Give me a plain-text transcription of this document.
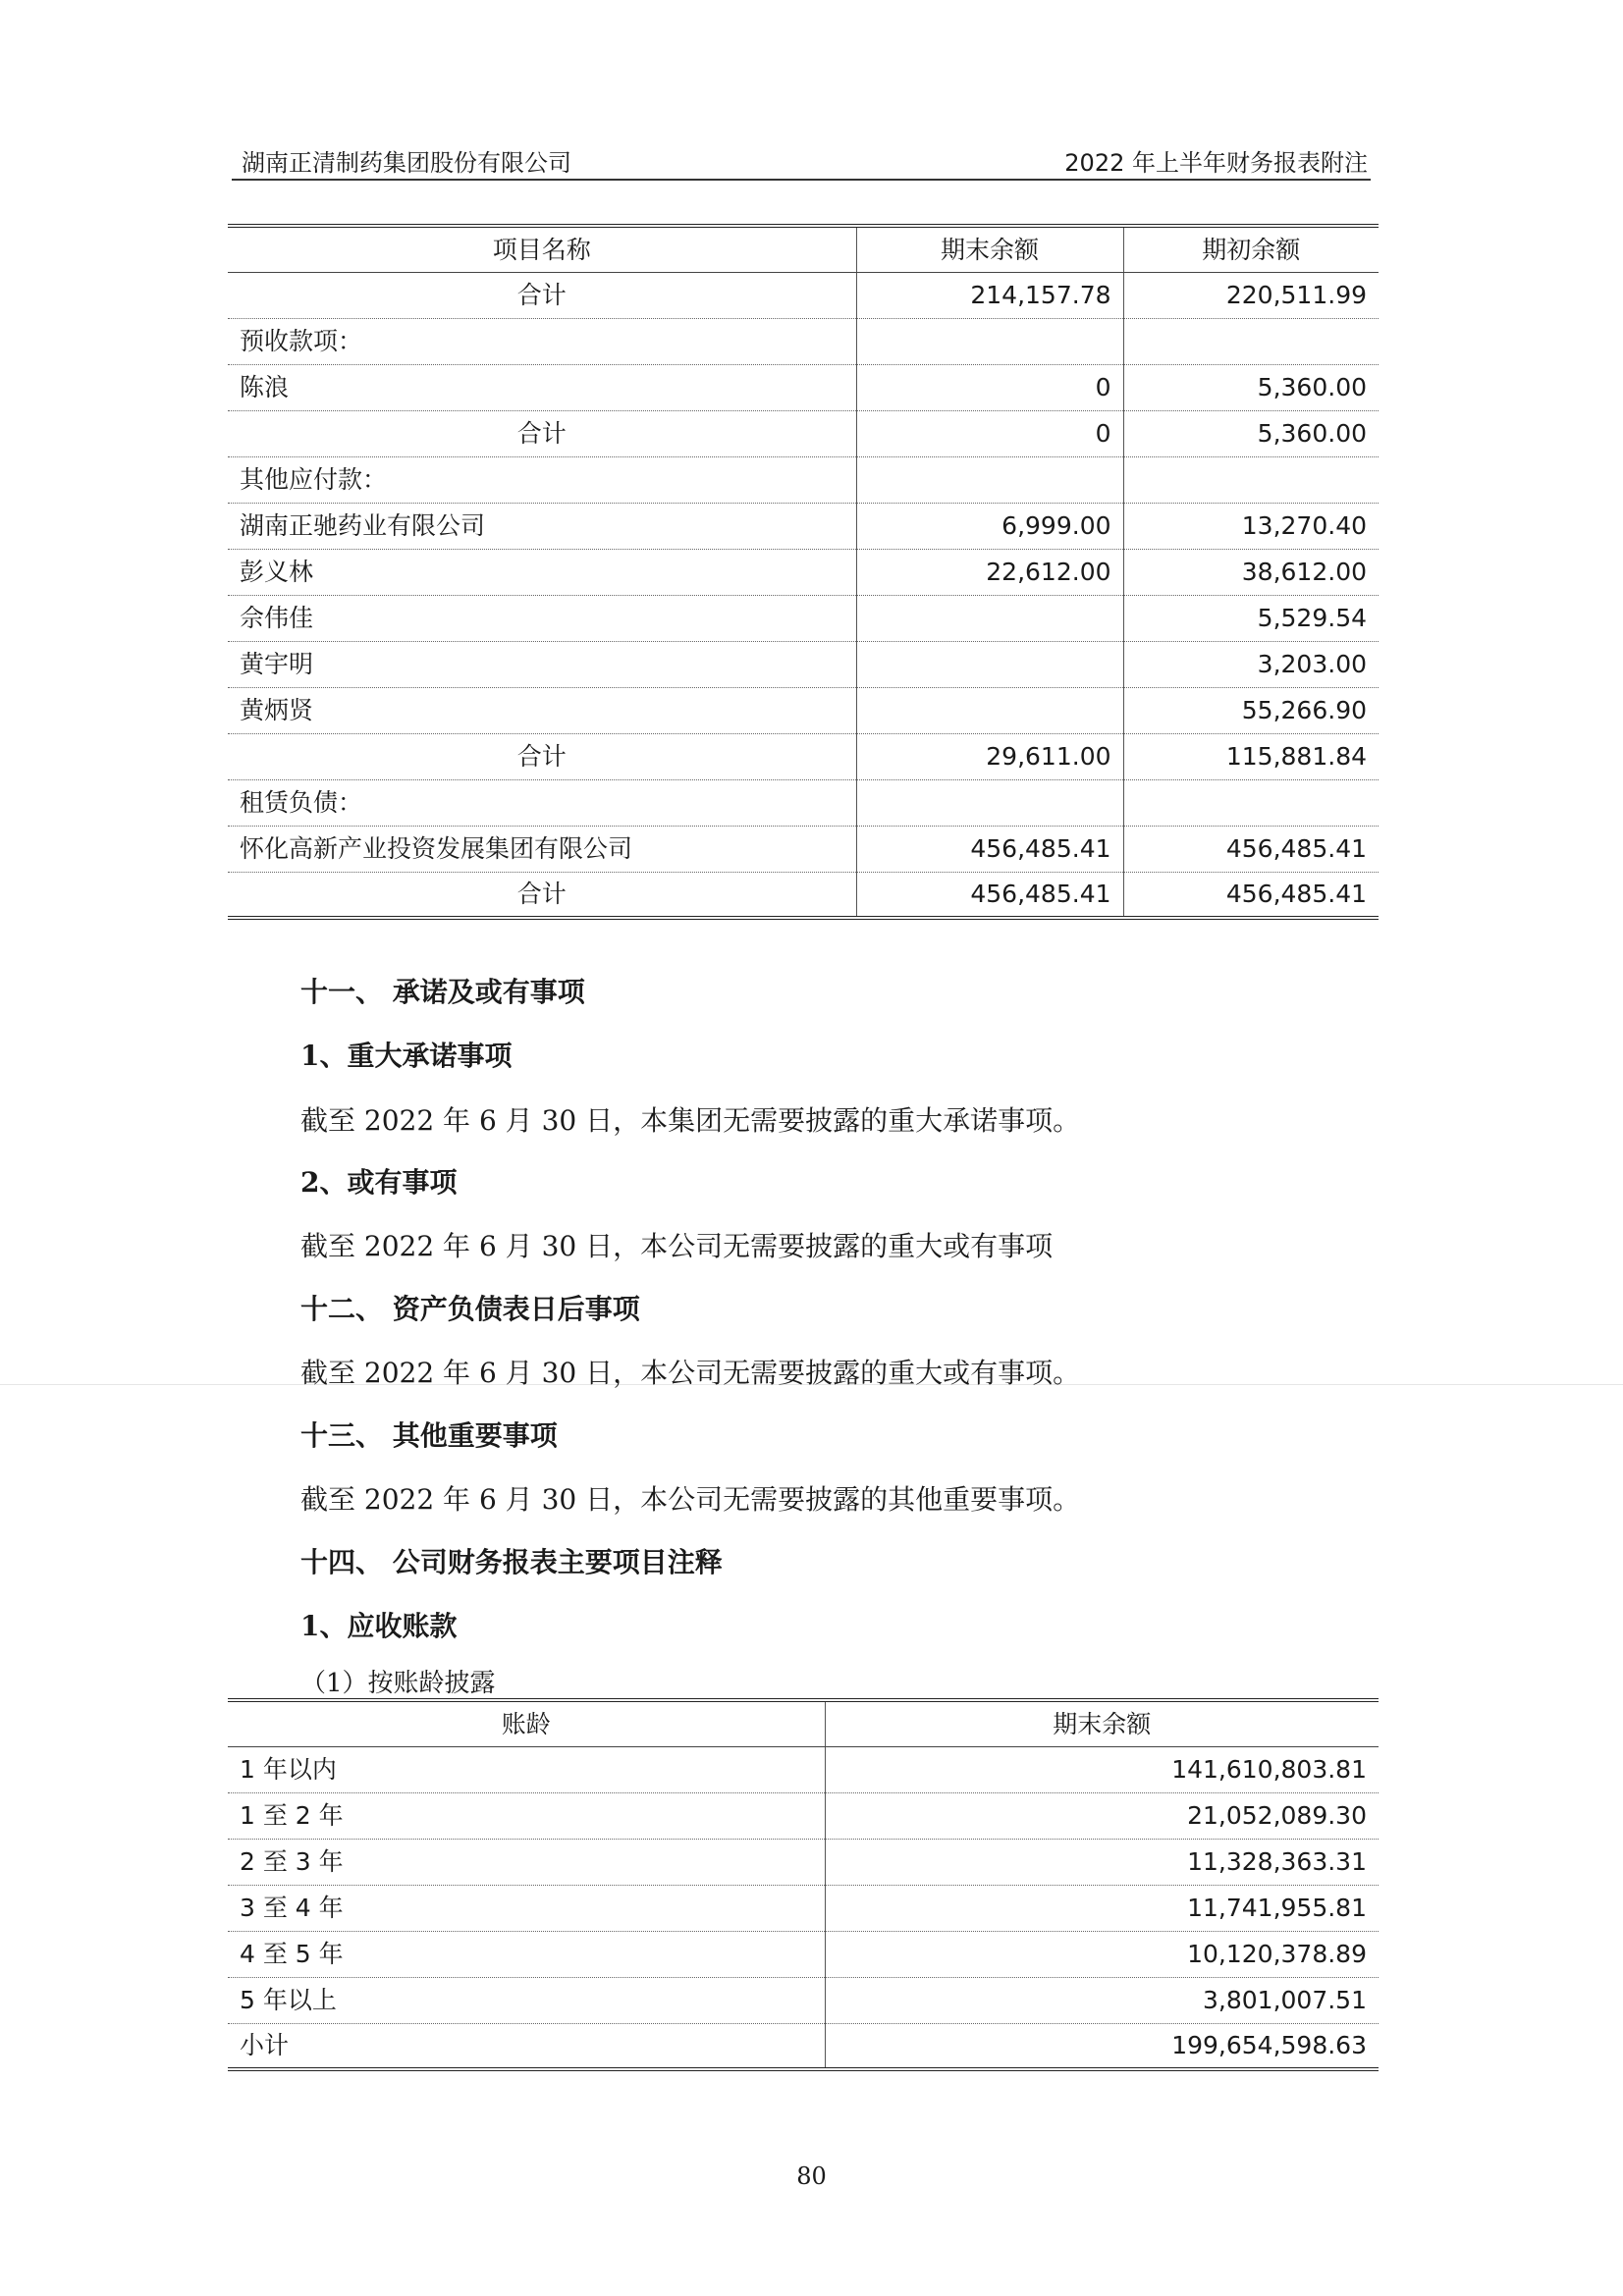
湖南正清制药集团股份有限公司	2022 年上半年财务报表附注
项目名称	期末余额	期初余额
合计	214,157.78	220,511.99
预收款项：		
陈浪	0	5,360.00
合计	0	5,360.00
其他应付款：		
湖南正驰药业有限公司	6,999.00	13,270.40
彭义林	22,612.00	38,612.00
佘伟佳		5,529.54
黄宇明		3,203.00
黄炳贤		55,266.90
合计	29,611.00	115,881.84
租赁负债：		
怀化高新产业投资发展集团有限公司	456,485.41	456,485.41
合计	456,485.41	456,485.41
十一、 承诺及或有事项
1、重大承诺事项
截至 2022 年 6 月 30 日，本集团无需要披露的重大承诺事项。
2、或有事项
截至 2022 年 6 月 30 日，本公司无需要披露的重大或有事项
十二、 资产负债表日后事项
截至 2022 年 6 月 30 日，本公司无需要披露的重大或有事项。
十三、 其他重要事项
截至 2022 年 6 月 30 日，本公司无需要披露的其他重要事项。
十四、 公司财务报表主要项目注释
1、应收账款
（1）按账龄披露
账龄	期末余额
1 年以内	141,610,803.81
1 至 2 年	21,052,089.30
2 至 3 年	11,328,363.31
3 至 4 年	11,741,955.81
4 至 5 年	10,120,378.89
5 年以上	3,801,007.51
小计	199,654,598.63
80
